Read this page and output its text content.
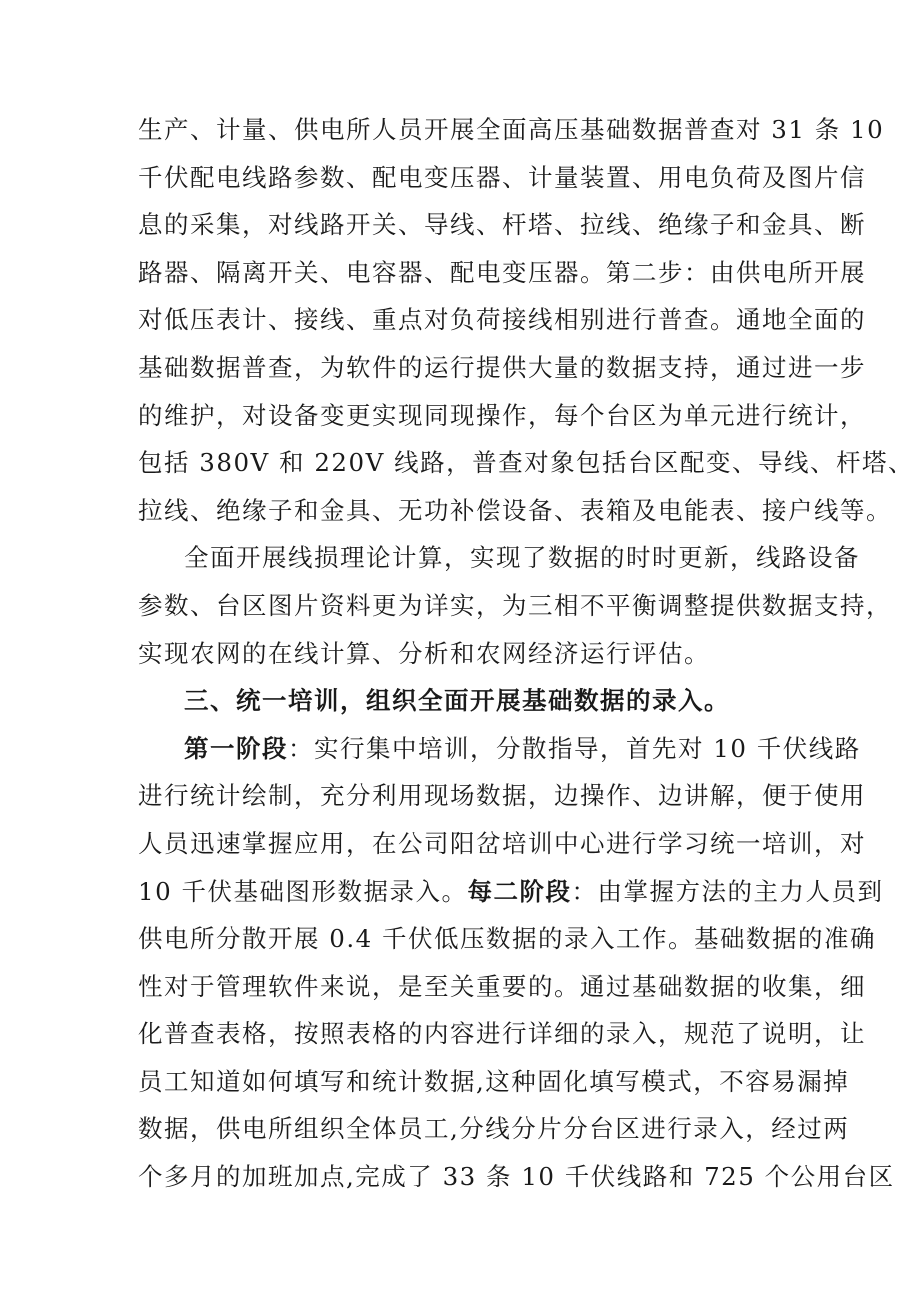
生产、计量、供电所人员开展全面高压基础数据普查对 31 条 10
千伏配电线路参数、配电变压器、计量装置、用电负荷及图片信
息的采集，对线路开关、导线、杆塔、拉线、绝缘子和金具、断
路器、隔离开关、电容器、配电变压器。第二步：由供电所开展
对低压表计、接线、重点对负荷接线相别进行普查。通地全面的
基础数据普查，为软件的运行提供大量的数据支持，通过进一步
的维护，对设备变更实现同现操作，每个台区为单元进行统计，
包括 380V 和 220V 线路，普查对象包括台区配变、导线、杆塔、
拉线、绝缘子和金具、无功补偿设备、表箱及电能表、接户线等。
全面开展线损理论计算，实现了数据的时时更新，线路设备
参数、台区图片资料更为详实，为三相不平衡调整提供数据支持，
实现农网的在线计算、分析和农网经济运行评估。
三、统一培训，组织全面开展基础数据的录入。
第一阶段：实行集中培训，分散指导，首先对 10 千伏线路
进行统计绘制，充分利用现场数据，边操作、边讲解，便于使用
人员迅速掌握应用，在公司阳岔培训中心进行学习统一培训，对
10 千伏基础图形数据录入。每二阶段：由掌握方法的主力人员到
供电所分散开展 0.4 千伏低压数据的录入工作。基础数据的准确
性对于管理软件来说，是至关重要的。通过基础数据的收集，细
化普查表格，按照表格的内容进行详细的录入，规范了说明，让
员工知道如何填写和统计数据,这种固化填写模式，不容易漏掉
数据，供电所组织全体员工,分线分片分台区进行录入，经过两
个多月的加班加点,完成了 33 条 10 千伏线路和 725 个公用台区
